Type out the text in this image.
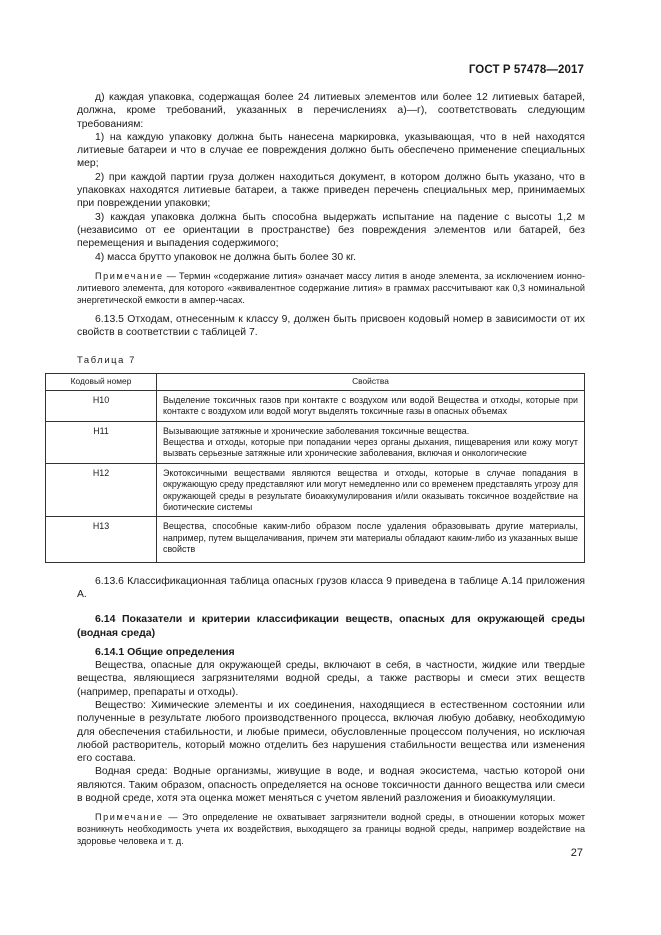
ГОСТ Р 57478—2017

д) каждая упаковка, содержащая более 24 литиевых элементов или более 12 литиевых батарей, должна, кроме требований, указанных в перечислениях а)—г), соответствовать следующим требованиям:

1) на каждую упаковку должна быть нанесена маркировка, указывающая, что в ней находятся литиевые батареи и что в случае ее повреждения должно быть обеспечено применение специальных мер;

2) при каждой партии груза должен находиться документ, в котором должно быть указано, что в упаковках находятся литиевые батареи, а также приведен перечень специальных мер, принимаемых при повреждении упаковки;

3) каждая упаковка должна быть способна выдержать испытание на падение с высоты 1,2 м (независимо от ее ориентации в пространстве) без повреждения элементов или батарей, без перемещения и выпадения содержимого;

4) масса брутто упаковок не должна быть более 30 кг.

Примечание — Термин «содержание лития» означает массу лития в аноде элемента, за исключением ионно-литиевого элемента, для которого «эквивалентное содержание лития» в граммах рассчитывают как 0,3 номинальной энергетической емкости в ампер-часах.

6.13.5 Отходам, отнесенным к классу 9, должен быть присвоен кодовый номер в зависимости от их свойств в соответствии с таблицей 7.

Таблица 7

Кодовый номер	Свойства
H10	Выделение токсичных газов при контакте с воздухом или водой Вещества и отходы, которые при контакте с воздухом или водой могут выделять токсичные газы в опасных объемах
H11	Вызывающие затяжные и хронические заболевания токсичные вещества.
Вещества и отходы, которые при попадании через органы дыхания, пищеварения или кожу могут вызвать серьезные затяжные или хронические заболевания, включая и онкологические
H12	Экотоксичными веществами являются вещества и отходы, которые в случае попадания в окружающую среду представляют или могут немедленно или со временем представлять угрозу для окружающей среды в результате биоаккумулирования и/или оказывать токсичное воздействие на биотические системы
H13	Вещества, способные каким-либо образом после удаления образовывать другие материалы, например, путем выщелачивания, причем эти материалы обладают каким-либо из указанных выше свойств

6.13.6 Классификационная таблица опасных грузов класса 9 приведена в таблице А.14 приложения А.

6.14 Показатели и критерии классификации веществ, опасных для окружающей среды (водная среда)

6.14.1 Общие определения

Вещества, опасные для окружающей среды, включают в себя, в частности, жидкие или твердые вещества, являющиеся загрязнителями водной среды, а также растворы и смеси этих веществ (например, препараты и отходы).

Вещество: Химические элементы и их соединения, находящиеся в естественном состоянии или полученные в результате любого производственного процесса, включая любую добавку, необходимую для обеспечения стабильности, и любые примеси, обусловленные процессом получения, но исключая любой растворитель, который можно отделить без нарушения стабильности вещества или изменения его состава.

Водная среда: Водные организмы, живущие в воде, и водная экосистема, частью которой они являются. Таким образом, опасность определяется на основе токсичности данного вещества или смеси в водной среде, хотя эта оценка может меняться с учетом явлений разложения и биоаккумуляции.

Примечание — Это определение не охватывает загрязнители водной среды, в отношении которых может возникнуть необходимость учета их воздействия, выходящего за границы водной среды, например воздействие на здоровье человека и т. д.

27
